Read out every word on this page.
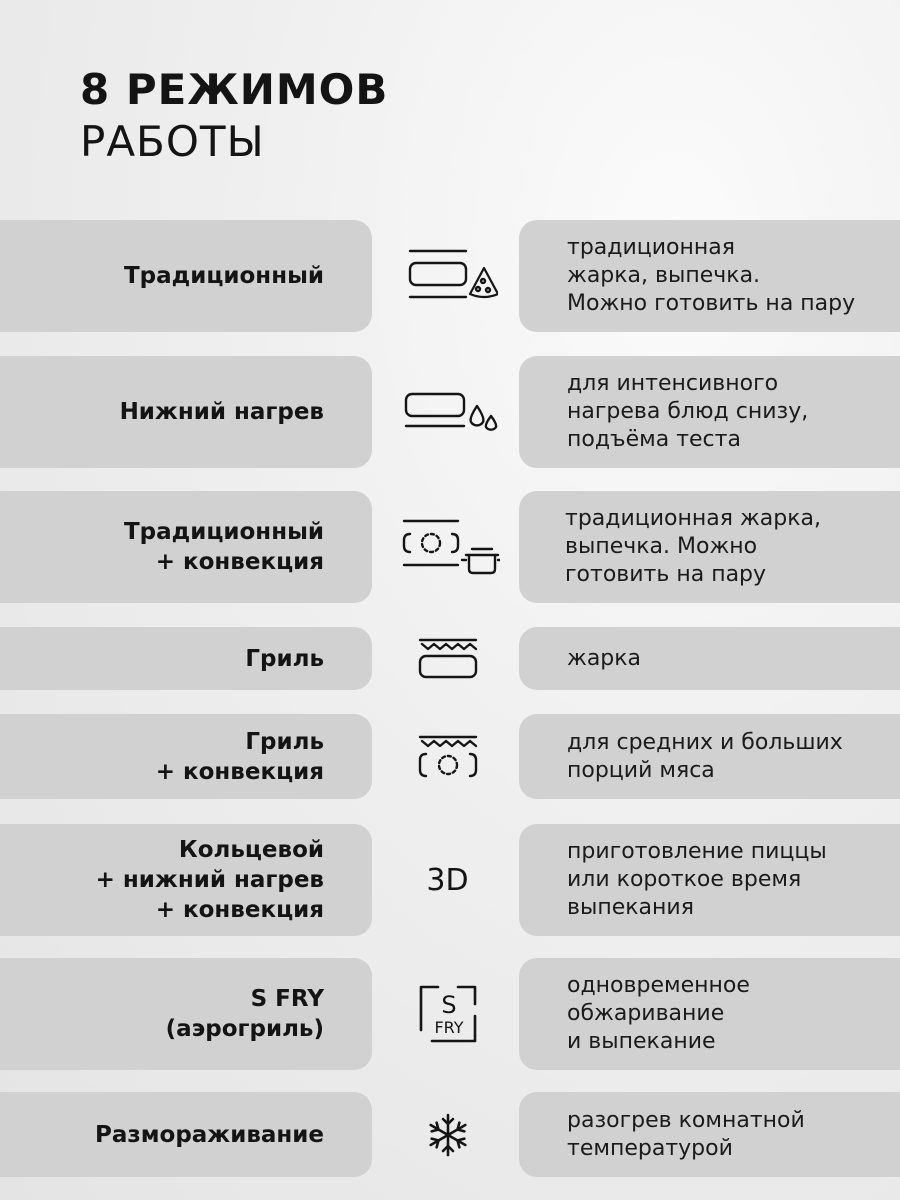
8 РЕЖИМОВ
РАБОТЫ
Традиционный
традиционная
жарка, выпечка.
Можно готовить на пару
Нижний нагрев
для интенсивного
нагрева блюд снизу,
подъёма теста
Традиционный
+ конвекция
традиционная жарка,
выпечка. Можно
готовить на пару
Гриль	жарка
Гриль
+ конвекция
для средних и больших
порций мяса
Кольцевой
+ нижний нагрев
+ конвекция
3D
приготовление пиццы
или короткое время
выпекания
S FRY
(аэрогриль)
S
FRY
одновременное
обжаривание
и выпекание
Размораживание
разогрев комнатной
температурой
